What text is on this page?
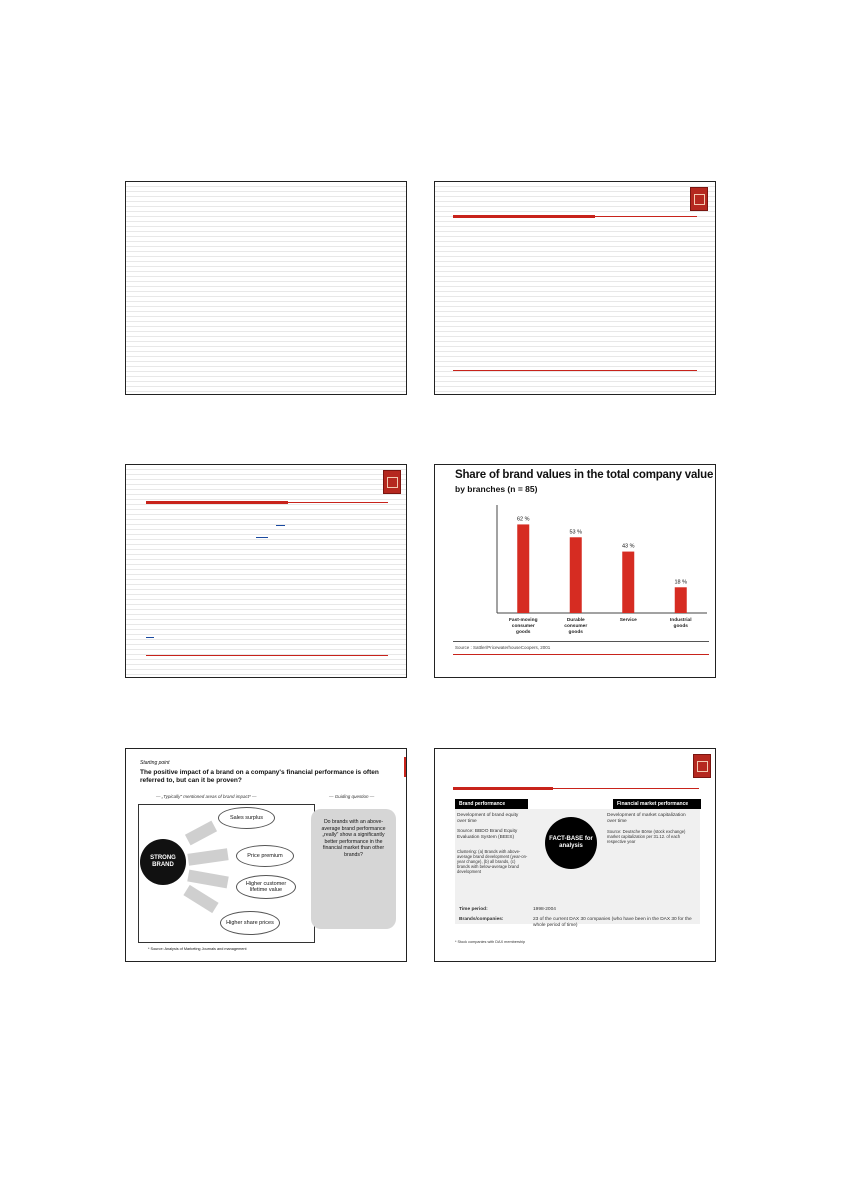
Share of brand values in the total company value
by branches (n = 85)
62 %
Fast-moving
consumer
goods
53 %
Durable
consumer
goods
43 %
Service
18 %
Industrial
goods
Source : Sattler/PricewaterhouseCoopers, 2001
Starting point
The positive impact of a brand on a company's financial performance is often referred to, but can it be proven?
— „Typically" mentioned areas of brand impact* —	— Guiding question —
STRONG BRAND
Sales surplus
Price premium
Higher customer lifetime value
Higher share prices
Do brands with an above-average brand performance „really" show a significantly better performance in the financial market than other brands?
* Source: Analysis of Marketing Journals and management
Brand performance	Financial market performance
Development of brand equity over time
Source: BBDO Brand Equity Evaluation System (BEES)
Clustering: (a) Brands with above-average brand development (year-on-year change), (b) all brands, (c) brands with below-average brand development
FACT-BASE for analysis
Development of market capitalization over time
Source: Deutsche Börse (stock exchange) market capitalization per 31.12. of each respective year
Time period:	1998-2004
Brands/companies:	23 of the current DAX 30 companies (who have been in the DAX 30 for the whole period of time)
* Stock companies with DAX membership
